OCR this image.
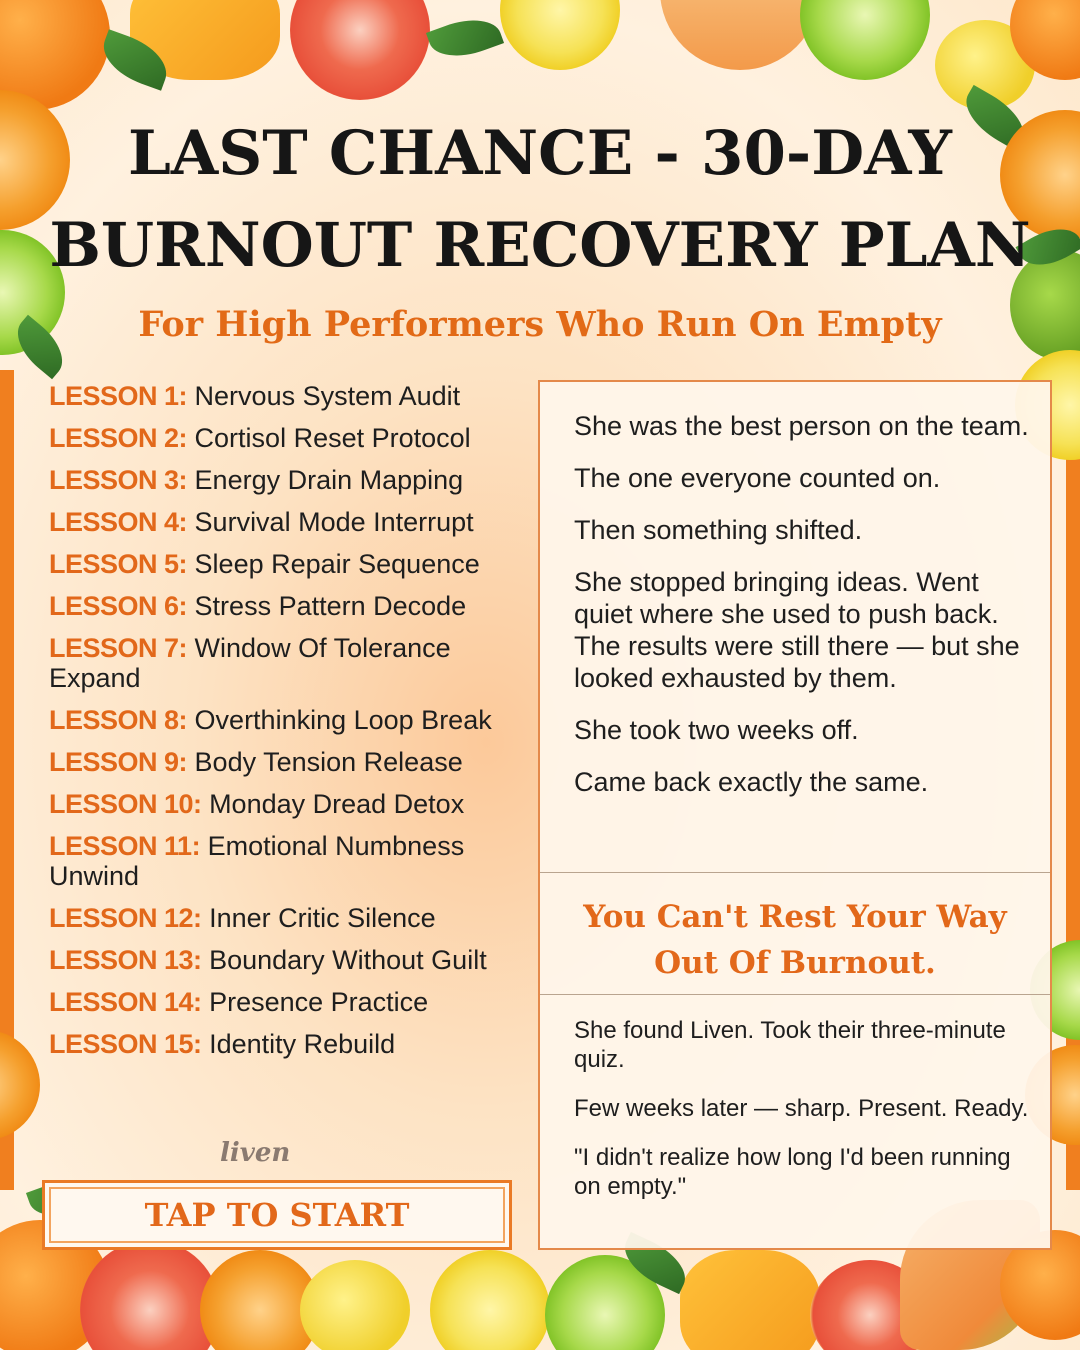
LAST CHANCE - 30-DAY
BURNOUT RECOVERY PLAN
For High Performers Who Run On Empty
LESSON 1: Nervous System Audit
LESSON 2: Cortisol Reset Protocol
LESSON 3: Energy Drain Mapping
LESSON 4: Survival Mode Interrupt
LESSON 5: Sleep Repair Sequence
LESSON 6: Stress Pattern Decode
LESSON 7: Window Of Tolerance Expand
LESSON 8: Overthinking Loop Break
LESSON 9: Body Tension Release
LESSON 10: Monday Dread Detox
LESSON 11: Emotional Numbness Unwind
LESSON 12: Inner Critic Silence
LESSON 13: Boundary Without Guilt
LESSON 14: Presence Practice
LESSON 15: Identity Rebuild
liven
TAP TO START

She was the best person on the team.

The one everyone counted on.

Then something shifted.

She stopped bringing ideas. Went quiet where she used to push back. The results were still there — but she looked exhausted by them.

She took two weeks off.

Came back exactly the same.

You Can't Rest Your Way
Out Of Burnout.

She found Liven. Took their three-minute quiz.

Few weeks later — sharp. Present. Ready.

"I didn't realize how long I'd been running on empty."
